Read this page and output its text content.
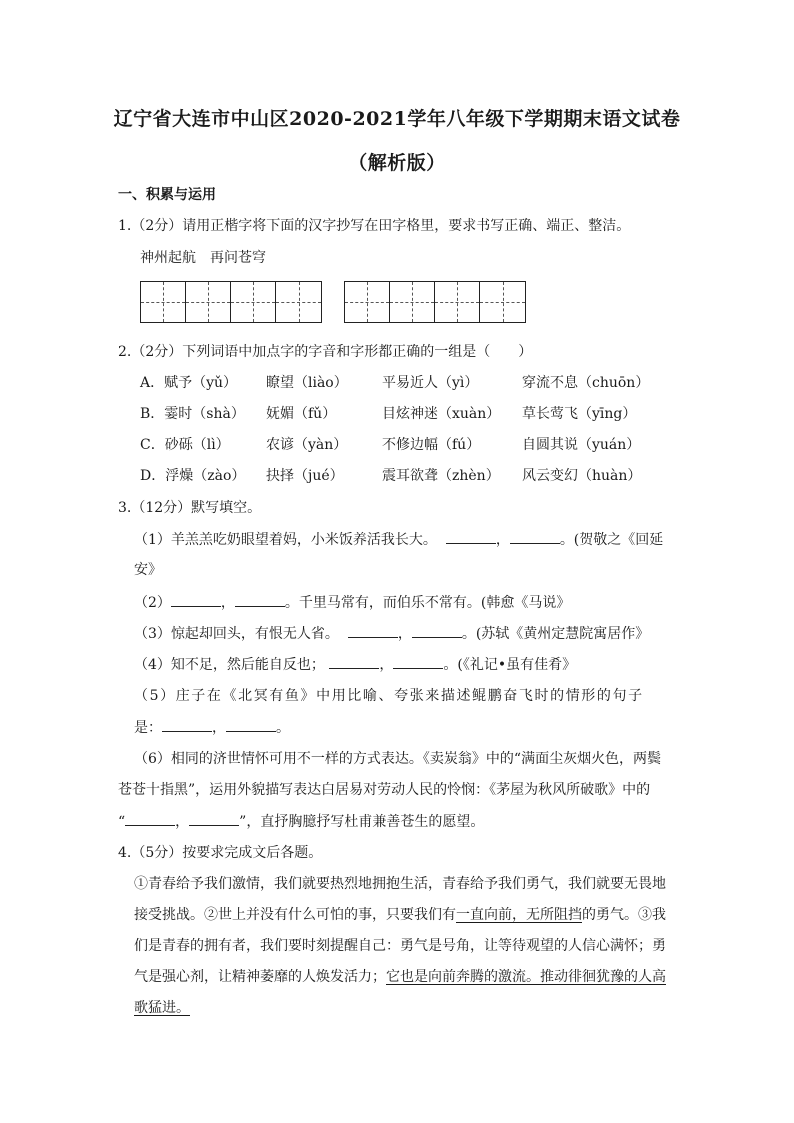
辽宁省大连市中山区2020-2021学年八年级下学期期末语文试卷
（解析版）
一、积累与运用
1.（2分）请用正楷字将下面的汉字抄写在田字格里，要求书写正确、端正、整洁。
神州起航　再问苍穹
2.（2分）下列词语中加点字的字音和字形都正确的一组是（　　）
A．赋予（yǔ） 瞭望（liào） 平易近人（yì）	穿流不息（chuōn）
B．霎时（shà） 妩媚（fǔ）	目炫神迷（xuàn） 草长莺飞（yīng）
C．砂砾（lì）	农谚（yàn） 不修边幅（fú）	自圆其说（yuán）
D．浮燥（zào） 抉择（jué）	震耳欲聋（zhèn） 风云变幻（huàn）
3.（12分）默写填空。
（1）羊羔羔吃奶眼望着妈，小米饭养活我长大。	，	。(贺敬之《回延
安》
（2）	，	。千里马常有，而伯乐不常有。(韩愈《马说》
（3）惊起却回头，有恨无人省。	，	。(苏轼《黄州定慧院寓居作》
（4）知不足，然后能自反也；	，	。(《礼记•虽有佳肴》
（5）庄子在《北冥有鱼》中用比喻、夸张来描述鲲鹏奋飞时的情形的句子
是：	，	。
（6）相同的济世情怀可用不一样的方式表达。《卖炭翁》中的“满面尘灰烟火色，两鬓
苍苍十指黑”，运用外貌描写表达白居易对劳动人民的怜悯：《茅屋为秋风所破歌》中的
“	，	”，直抒胸臆抒写杜甫兼善苍生的愿望。
4.（5分）按要求完成文后各题。
①青春给予我们激情，我们就要热烈地拥抱生活，青春给予我们勇气，我们就要无畏地
接受挑战。②世上并没有什么可怕的事，只要我们有一直向前，无所阻挡的勇气。③我
们是青春的拥有者，我们要时刻提醒自己：勇气是号角，让等待观望的人信心满怀；勇
气是强心剂，让精神萎靡的人焕发活力；它也是向前奔腾的激流。推动徘徊犹豫的人高
歌猛进。
